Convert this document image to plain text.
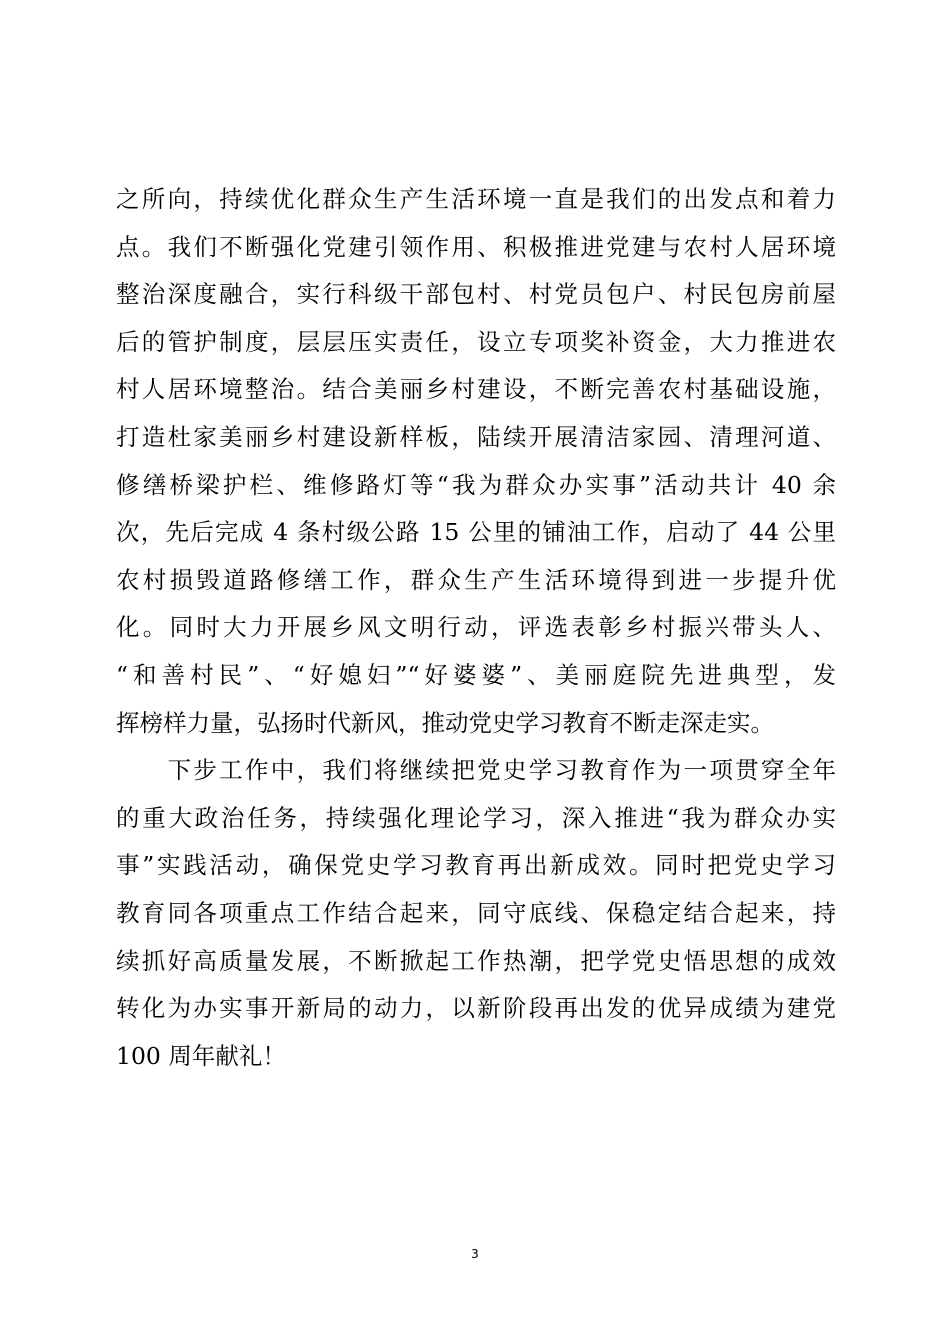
之所向，持续优化群众生产生活环境一直是我们的出发点和着力
点。我们不断强化党建引领作用、积极推进党建与农村人居环境
整治深度融合，实行科级干部包村、村党员包户、村民包房前屋
后的管护制度，层层压实责任，设立专项奖补资金，大力推进农
村人居环境整治。结合美丽乡村建设，不断完善农村基础设施，
打造杜家美丽乡村建设新样板，陆续开展清洁家园、清理河道、
修缮桥梁护栏、维修路灯等“我为群众办实事”活动共计 40 余
次，先后完成 4 条村级公路 15 公里的铺油工作，启动了 44 公里
农村损毁道路修缮工作，群众生产生活环境得到进一步提升优
化。同时大力开展乡风文明行动，评选表彰乡村振兴带头人、
“和善村民”、“好媳妇”“好婆婆”、美丽庭院先进典型，发
挥榜样力量，弘扬时代新风，推动党史学习教育不断走深走实。
　　下步工作中，我们将继续把党史学习教育作为一项贯穿全年
的重大政治任务，持续强化理论学习，深入推进“我为群众办实
事”实践活动，确保党史学习教育再出新成效。同时把党史学习
教育同各项重点工作结合起来，同守底线、保稳定结合起来，持
续抓好高质量发展，不断掀起工作热潮，把学党史悟思想的成效
转化为办实事开新局的动力，以新阶段再出发的优异成绩为建党
100 周年献礼！
3
